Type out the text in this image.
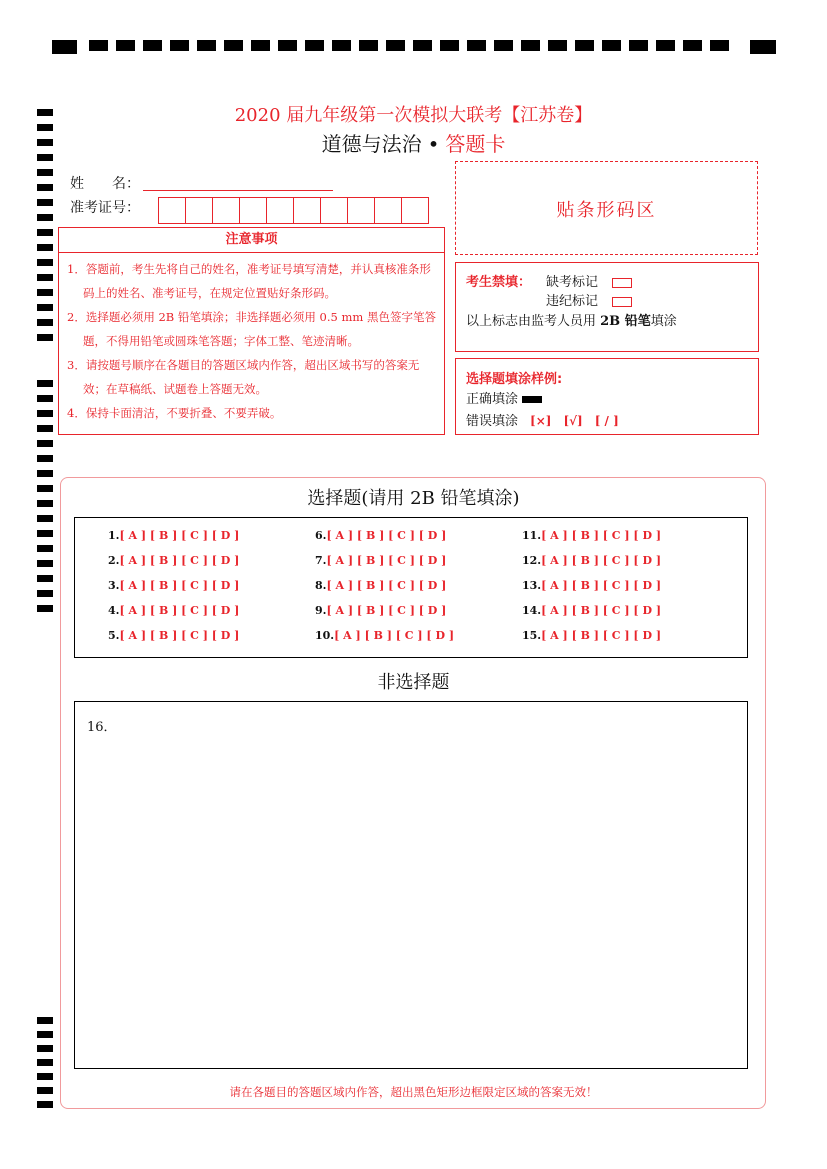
2020 届九年级第一次模拟大联考【江苏卷】
道德与法治 • 答题卡
姓　　名：
准考证号：	贴条形码区
注意事项
1．答题前，考生先将自己的姓名，准考证号填写清楚，并认真核准条形码上的姓名、准考证号，在规定位置贴好条形码。
2．选择题必须用 2B 铅笔填涂；非选择题必须用 0.5 mm 黑色签字笔答题，不得用铅笔或圆珠笔答题；字体工整、笔迹清晰。
3．请按题号顺序在各题目的答题区域内作答，超出区域书写的答案无效；在草稿纸、试题卷上答题无效。
4．保持卡面清洁，不要折叠、不要弄破。
考生禁填： 缺考标记
违纪标记
以上标志由监考人员用 2B 铅笔填涂
选择题填涂样例:
正确填涂
错误填涂 [×] [√] [ / ]
选择题(请用 2B 铅笔填涂)
1.[ A ] [ B ] [ C ] [ D ]
2.[ A ] [ B ] [ C ] [ D ]
3.[ A ] [ B ] [ C ] [ D ]
4.[ A ] [ B ] [ C ] [ D ]
5.[ A ] [ B ] [ C ] [ D ]
6.[ A ] [ B ] [ C ] [ D ]
7.[ A ] [ B ] [ C ] [ D ]
8.[ A ] [ B ] [ C ] [ D ]
9.[ A ] [ B ] [ C ] [ D ]
10.[ A ] [ B ] [ C ] [ D ]
11.[ A ] [ B ] [ C ] [ D ]
12.[ A ] [ B ] [ C ] [ D ]
13.[ A ] [ B ] [ C ] [ D ]
14.[ A ] [ B ] [ C ] [ D ]
15.[ A ] [ B ] [ C ] [ D ]
非选择题
16．
请在各题目的答题区域内作答，超出黑色矩形边框限定区域的答案无效！
